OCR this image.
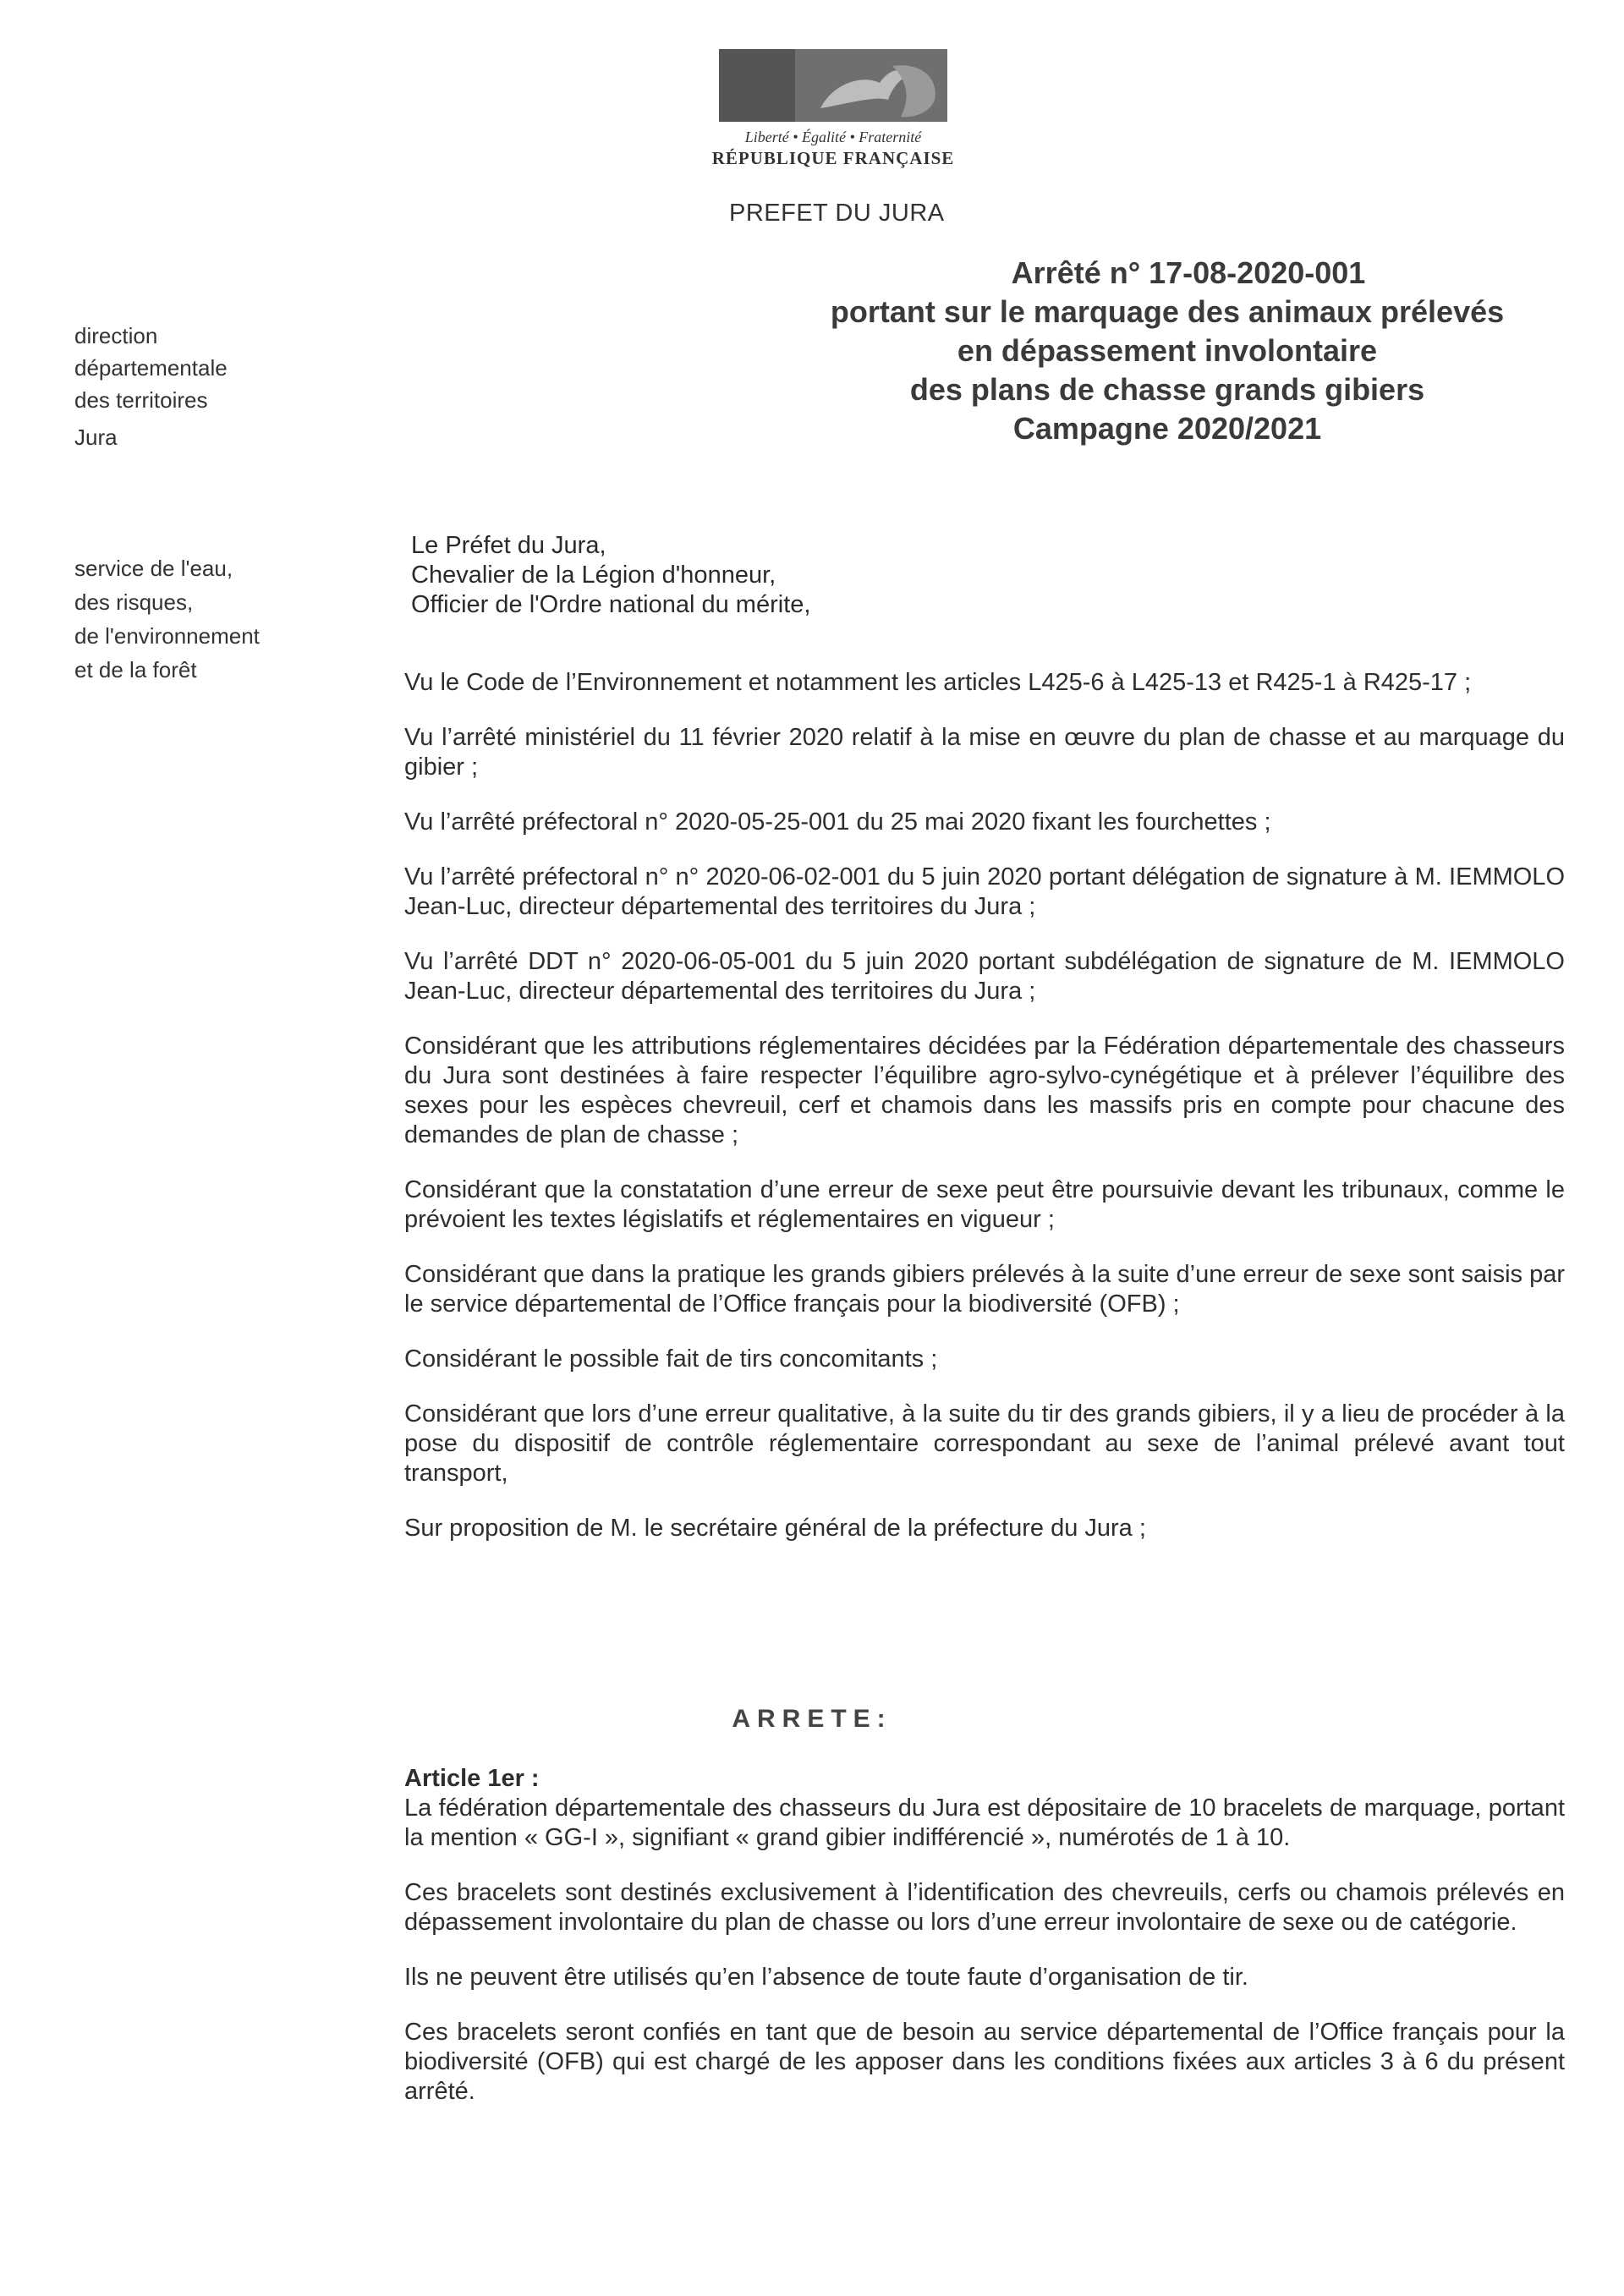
Liberté • Égalité • Fraternité
RÉPUBLIQUE FRANÇAISE
PREFET DU JURA
direction
départementale
des territoires
Jura
service de l'eau,
des risques,
de l'environnement
et de la forêt
Arrêté n° 17-08-2020-001
portant sur le marquage des animaux prélevés
en dépassement involontaire
des plans de chasse grands gibiers
Campagne 2020/2021
Le Préfet du Jura,
Chevalier de la Légion d'honneur,
Officier de l'Ordre national du mérite,

Vu le Code de l’Environnement et notamment les articles L425-6 à L425-13 et R425-1 à R425-17 ;

Vu l’arrêté ministériel du 11 février 2020 relatif à la mise en œuvre du plan de chasse et au marquage du gibier ;

Vu l’arrêté préfectoral n° 2020-05-25-001 du 25 mai 2020 fixant les fourchettes ;

Vu l’arrêté préfectoral n° n° 2020-06-02-001 du 5 juin 2020 portant délégation de signature à M. IEMMOLO Jean-Luc, directeur départemental des territoires du Jura ;

Vu l’arrêté DDT n° 2020-06-05-001 du 5 juin 2020 portant subdélégation de signature de M. IEMMOLO Jean-Luc, directeur départemental des territoires du Jura ;

Considérant que les attributions réglementaires décidées par la Fédération départementale des chasseurs du Jura sont destinées à faire respecter l’équilibre agro-sylvo-cynégétique et à prélever l’équilibre des sexes pour les espèces chevreuil, cerf et chamois dans les massifs pris en compte pour chacune des demandes de plan de chasse ;

Considérant que la constatation d’une erreur de sexe peut être poursuivie devant les tribunaux, comme le prévoient les textes législatifs et réglementaires en vigueur ;

Considérant que dans la pratique les grands gibiers prélevés à la suite d’une erreur de sexe sont saisis par le service départemental de l’Office français pour la biodiversité (OFB) ;

Considérant le possible fait de tirs concomitants ;

Considérant que lors d’une erreur qualitative, à la suite du tir des grands gibiers, il y a lieu de procéder à la pose du dispositif de contrôle réglementaire correspondant au sexe de l’animal prélevé avant tout transport,

Sur proposition de M. le secrétaire général de la préfecture du Jura ;

ARRETE:
Article 1er :

La fédération départementale des chasseurs du Jura est dépositaire de 10 bracelets de marquage, portant la mention « GG-I », signifiant « grand gibier indifférencié », numérotés de 1 à 10.

Ces bracelets sont destinés exclusivement à l’identification des chevreuils, cerfs ou chamois prélevés en dépassement involontaire du plan de chasse ou lors d’une erreur involontaire de sexe ou de catégorie.

Ils ne peuvent être utilisés qu’en l’absence de toute faute d’organisation de tir.

Ces bracelets seront confiés en tant que de besoin au service départemental de l’Office français pour la biodiversité (OFB) qui est chargé de les apposer dans les conditions fixées aux articles 3 à 6 du présent arrêté.
